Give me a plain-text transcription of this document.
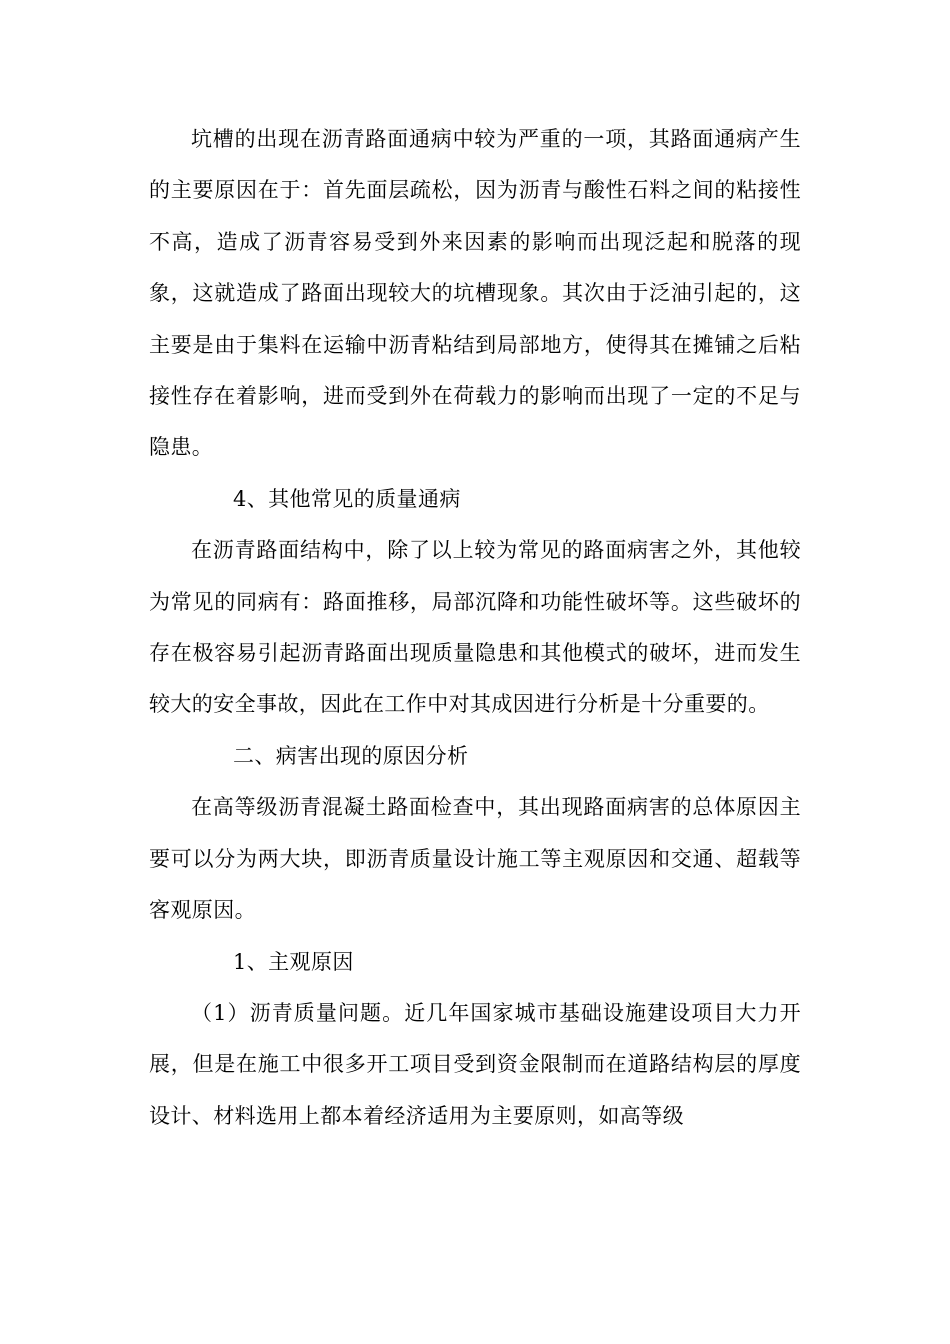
坑槽的出现在沥青路面通病中较为严重的一项，其路面通病产生的主要原因在于：首先面层疏松，因为沥青与酸性石料之间的粘接性不高，造成了沥青容易受到外来因素的影响而出现泛起和脱落的现象，这就造成了路面出现较大的坑槽现象。其次由于泛油引起的，这主要是由于集料在运输中沥青粘结到局部地方，使得其在摊铺之后粘接性存在着影响，进而受到外在荷载力的影响而出现了一定的不足与隐患。

4、其他常见的质量通病

在沥青路面结构中，除了以上较为常见的路面病害之外，其他较为常见的同病有：路面推移，局部沉降和功能性破坏等。这些破坏的存在极容易引起沥青路面出现质量隐患和其他模式的破坏，进而发生较大的安全事故，因此在工作中对其成因进行分析是十分重要的。

二、病害出现的原因分析

在高等级沥青混凝土路面检查中，其出现路面病害的总体原因主要可以分为两大块，即沥青质量设计施工等主观原因和交通、超载等客观原因。

1、主观原因

（1）沥青质量问题。近几年国家城市基础设施建设项目大力开展，但是在施工中很多开工项目受到资金限制而在道路结构层的厚度设计、材料选用上都本着经济适用为主要原则，如高等级
